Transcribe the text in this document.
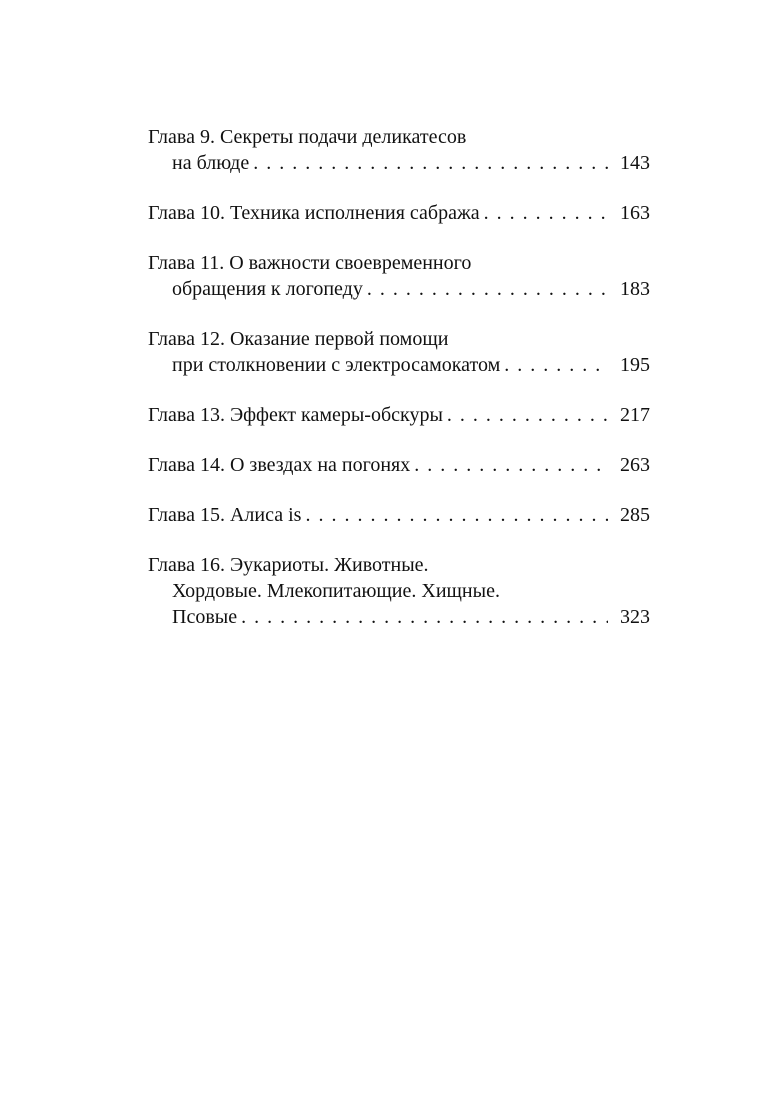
Глава 9. Секреты подачи деликатесов
на блюде . . .	143
Глава 10. Техника исполнения сабража . . .	163
Глава 11. О важности своевременного
обращения к логопеду . . .	183
Глава 12. Оказание первой помощи
при столкновении с электросамокатом . . .	195
Глава 13. Эффект камеры-обскуры . . .	217
Глава 14. О звездах на погонях . . .	263
Глава 15. Алиса is . . .	285
Глава 16. Эукариоты. Животные.
Хордовые. Млекопитающие. Хищные.
Псовые . . .	323
